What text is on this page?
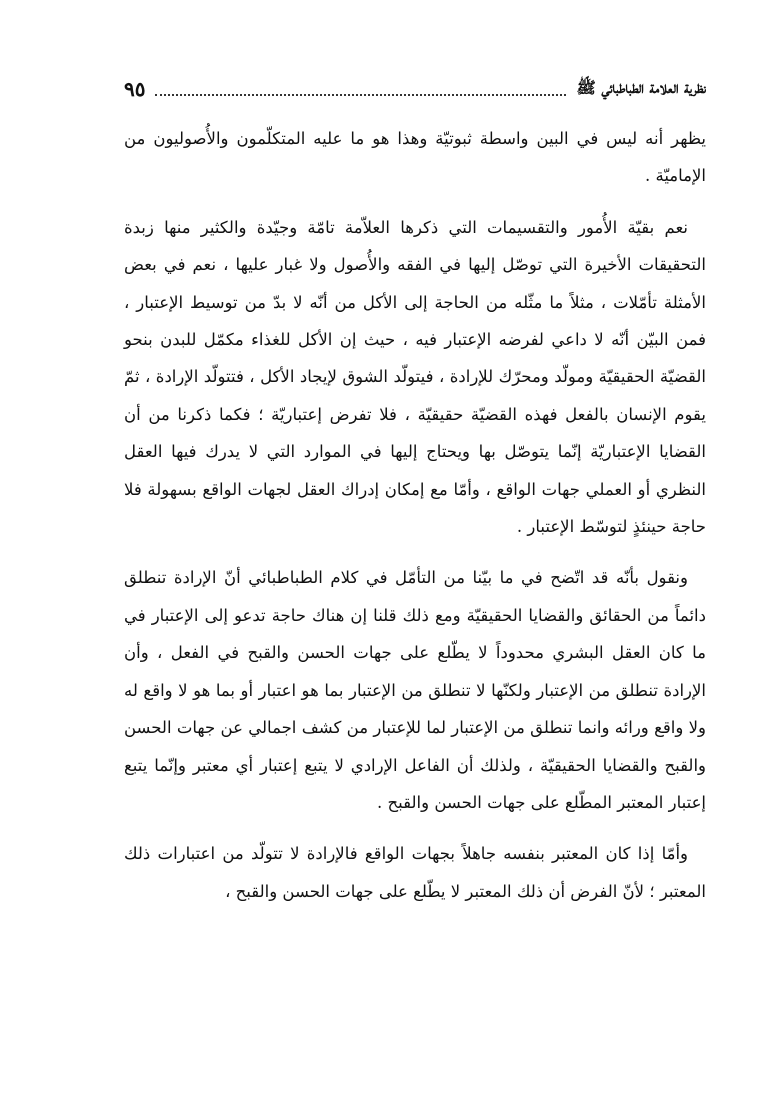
نظرية العلامة الطباطبائي ﷺ
٩٥

يظهر أنه ليس في البين واسطة ثبوتيّة وهذا هو ما عليه المتكلّمون والأُصوليون من الإماميّة .

نعم بقيّة الأُمور والتقسيمات التي ذكرها العلاّمة تامّة وجيّدة والكثير منها زبدة التحقيقات الأخيرة التي توصّل إليها في الفقه والأُصول ولا غبار عليها ، نعم في بعض الأمثلة تأمّلات ، مثلاً ما مثّله من الحاجة إلى الأكل من أنّه لا بدّ من توسيط الإعتبار ، فمن البيّن أنّه لا داعي لفرضه الإعتبار فيه ، حيث إن الأكل للغذاء مكمّل للبدن بنحو القضيّة الحقيقيّة ومولّد ومحرّك للإرادة ، فيتولّد الشوق لإيجاد الأكل ، فتتولّد الإرادة ، ثمّ يقوم الإنسان بالفعل فهذه القضيّة حقيقيّة ، فلا تفرض إعتباريّة ؛ فكما ذكرنا من أن القضايا الإعتباريّة إنّما يتوصّل بها ويحتاج إليها في الموارد التي لا يدرك فيها العقل النظري أو العملي جهات الواقع ، وأمّا مع إمكان إدراك العقل لجهات الواقع بسهولة فلا حاجة حينئذٍ لتوسّط الإعتبار .

ونقول بأنّه قد اتّضح في ما بيّنا من التأمّل في كلام الطباطبائي أنّ الإرادة تنطلق دائماً من الحقائق والقضايا الحقيقيّة ومع ذلك قلنا إن هناك حاجة تدعو إلى الإعتبار في ما كان العقل البشري محدوداً لا يطّلع على جهات الحسن والقبح في الفعل ، وأن الإرادة تنطلق من الإعتبار ولكنّها لا تنطلق من الإعتبار بما هو اعتبار أو بما هو لا واقع له ولا واقع ورائه وانما تنطلق من الإعتبار لما للإعتبار من كشف اجمالي عن جهات الحسن والقبح والقضايا الحقيقيّة ، ولذلك أن الفاعل الإرادي لا يتبع إعتبار أي معتبر وإنّما يتبع إعتبار المعتبر المطّلع على جهات الحسن والقبح .

وأمّا إذا كان المعتبر بنفسه جاهلاً بجهات الواقع فالإرادة لا تتولّد من اعتبارات ذلك المعتبر ؛ لأنّ الفرض أن ذلك المعتبر لا يطّلع على جهات الحسن والقبح ،
